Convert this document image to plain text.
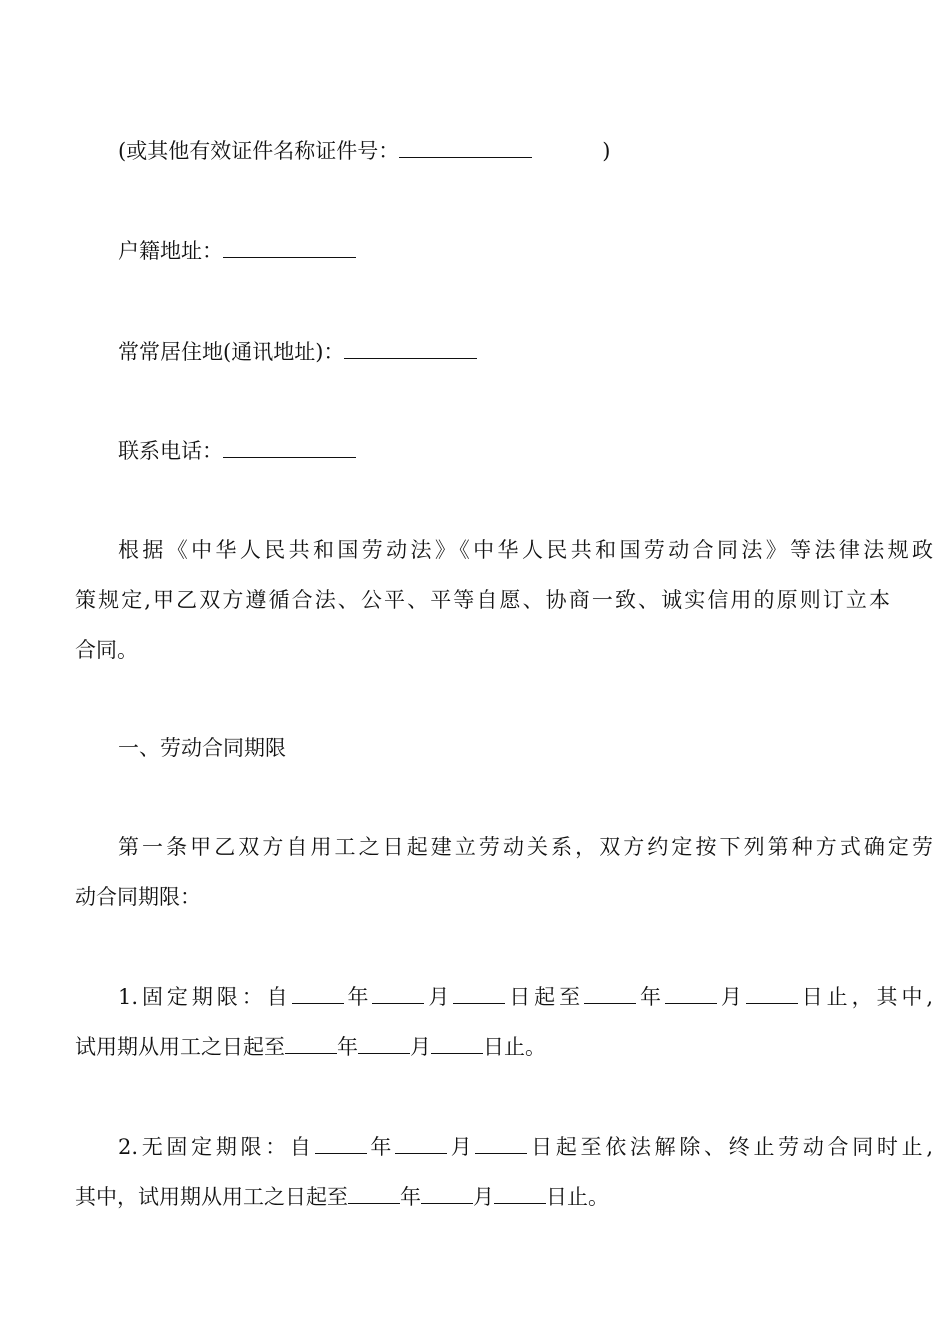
(或其他有效证件名称证件号：	)
户籍地址：
常常居住地(通讯地址)：
联系电话：
根据《中华人民共和国劳动法》《中华人民共和国劳动合同法》等法律法规政
策规定,甲乙双方遵循合法、公平、平等自愿、协商一致、诚实信用的原则订立本
合同。
一、劳动合同期限
第一条甲乙双方自用工之日起建立劳动关系，双方约定按下列第种方式确定劳
动合同期限：
1.固定期限：自 年 月 日起至 年 月 日止，其中,
试用期从用工之日起至 年 月 日止。
2.无固定期限：自 年 月 日起至依法解除、终止劳动合同时止,
其中，试用期从用工之日起至 年 月 日止。
